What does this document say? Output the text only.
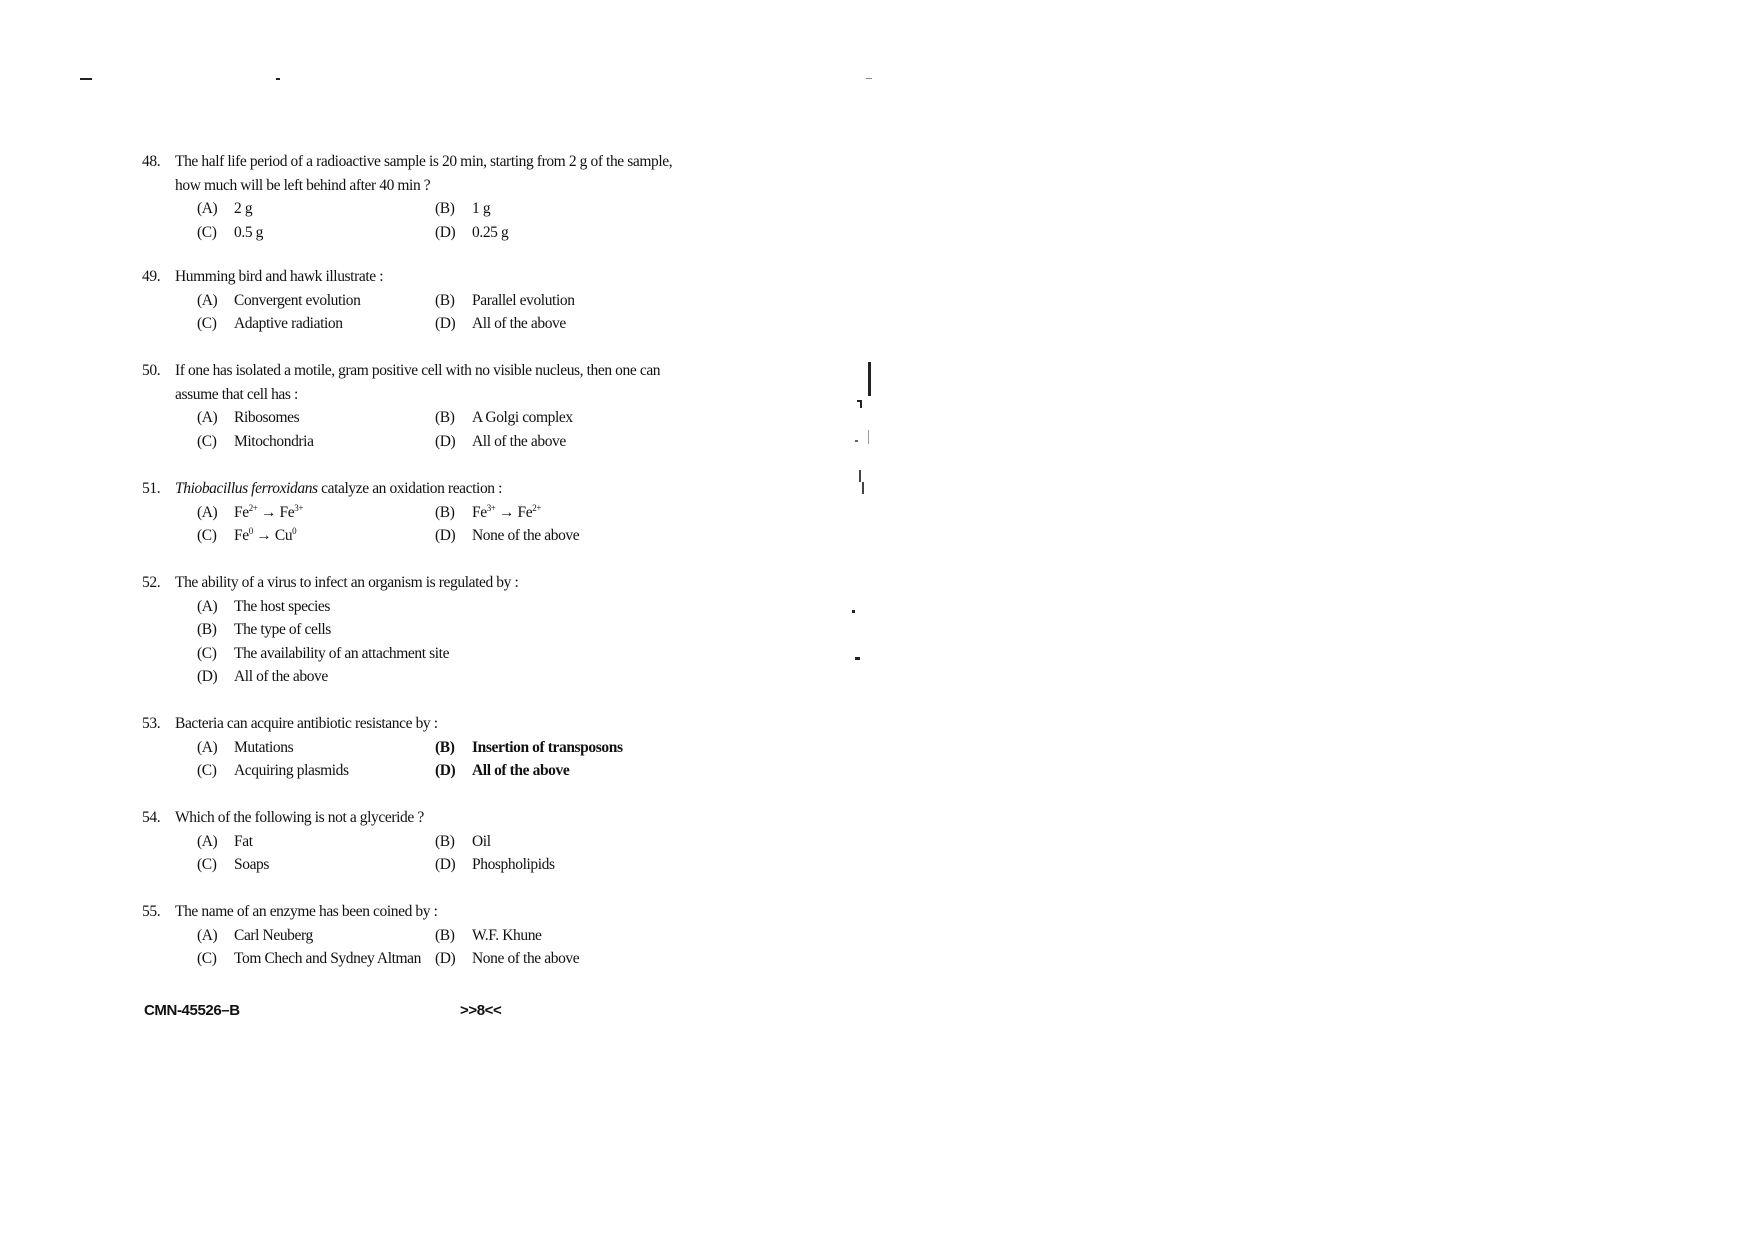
48. The half life period of a radioactive sample is 20 min, starting from 2 g of the sample,
how much will be left behind after 40 min ?
(A) 2 g	(B) 1 g
(C) 0.5 g	(D) 0.25 g
49. Humming bird and hawk illustrate :
(A) Convergent evolution	(B) Parallel evolution
(C) Adaptive radiation	(D) All of the above
50. If one has isolated a motile, gram positive cell with no visible nucleus, then one can
assume that cell has :
(A) Ribosomes	(B) A Golgi complex
(C) Mitochondria	(D) All of the above
51. Thiobacillus ferroxidans catalyze an oxidation reaction :
(A) $Fe^{2+} \to Fe^{3+}$	(B) $Fe^{3+} \to Fe^{2+}$
(C) $Fe^0 \to Cu^0$	(D) None of the above
52. The ability of a virus to infect an organism is regulated by :
(A) The host species
(B) The type of cells
(C) The availability of an attachment site
(D) All of the above
53. Bacteria can acquire antibiotic resistance by :
(A) Mutations	(B) Insertion of transposons
(C) Acquiring plasmids	(D) All of the above
54. Which of the following is not a glyceride ?
(A) Fat	(B) Oil
(C) Soaps	(D) Phospholipids
55. The name of an enzyme has been coined by :
(A) Carl Neuberg	(B) W.F. Khune
(C) Tom Chech and Sydney Altman (D) None of the above
CMN-45526–B	>>8<<
